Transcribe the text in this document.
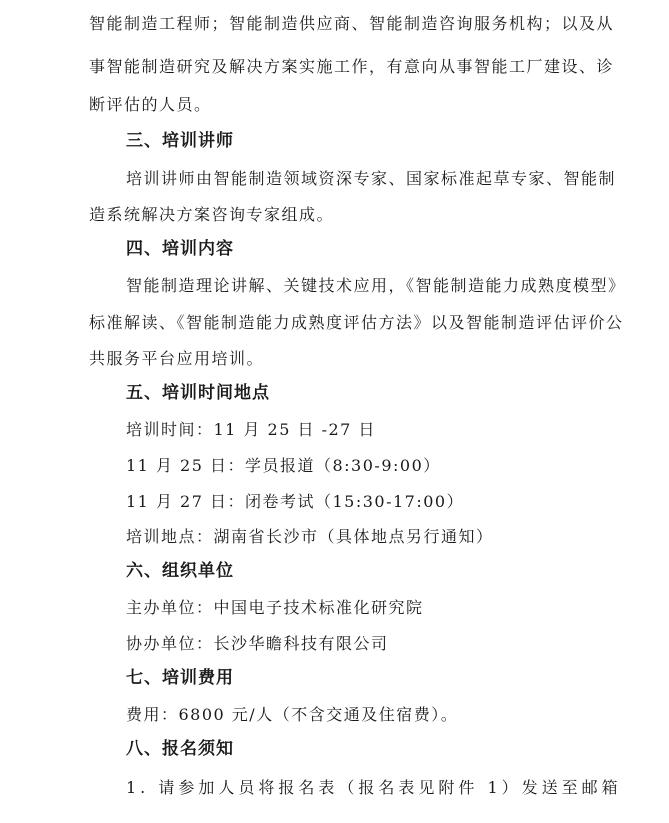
智能制造工程师；智能制造供应商、智能制造咨询服务机构；以及从
事智能制造研究及解决方案实施工作，有意向从事智能工厂建设、诊
断评估的人员。
三、培训讲师
培训讲师由智能制造领域资深专家、国家标准起草专家、智能制
造系统解决方案咨询专家组成。
四、培训内容
智能制造理论讲解、关键技术应用，《智能制造能力成熟度模型》
标准解读、《智能制造能力成熟度评估方法》以及智能制造评估评价公
共服务平台应用培训。
五、培训时间地点
培训时间：11 月 25 日 -27 日
11 月 25 日：学员报道（8:30-9:00）
11 月 27 日：闭卷考试（15:30-17:00）
培训地点：湖南省长沙市（具体地点另行通知）
六、组织单位
主办单位：中国电子技术标准化研究院
协办单位：长沙华瞻科技有限公司
七、培训费用
费用：6800 元/人（不含交通及住宿费）。
八、报名须知
1. 请参加人员将报名表（报名表见附件 1）发送至邮箱
